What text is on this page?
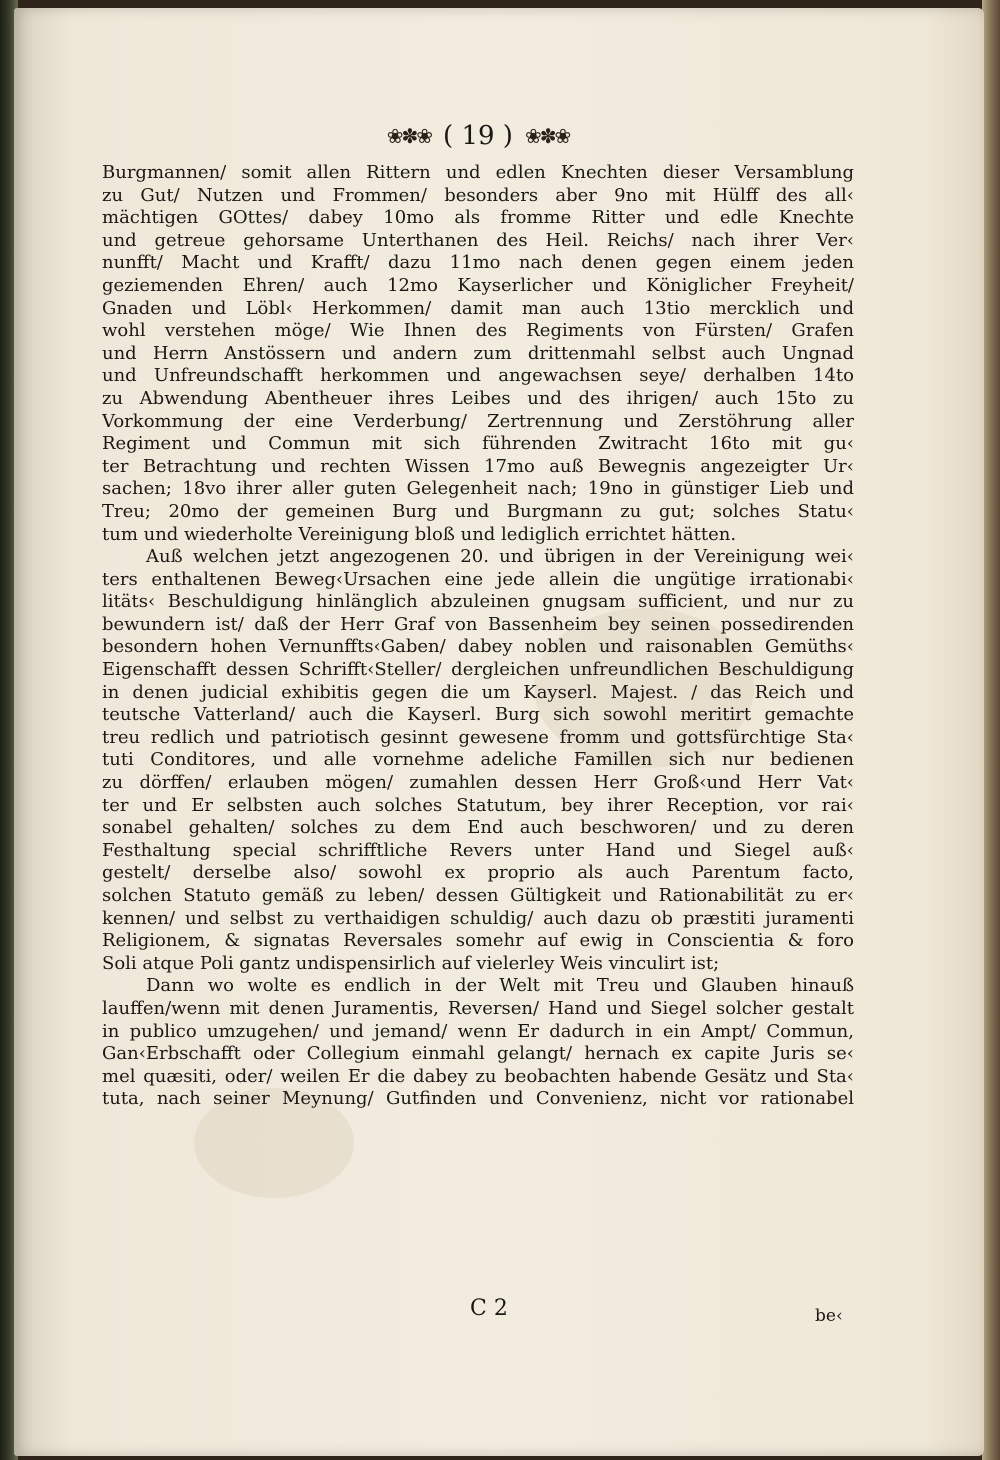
❀✽❀ ( 19 ) ❀✽❀
Burgmannen/ somit allen Rittern und edlen Knechten dieser Versamblung
zu Gut/ Nutzen und Frommen/ besonders aber 9no mit Hülff des all‹
mächtigen GOttes/ dabey 10mo als fromme Ritter und edle Knechte
und getreue gehorsame Unterthanen des Heil. Reichs/ nach ihrer Ver‹
nunfft/ Macht und Krafft/ dazu 11mo nach denen gegen einem jeden
geziemenden Ehren/ auch 12mo Kayserlicher und Königlicher Freyheit/
Gnaden und Löbl‹ Herkommen/ damit man auch 13tio mercklich und
wohl verstehen möge/ Wie Ihnen des Regiments von Fürsten/ Grafen
und Herrn Anstössern und andern zum drittenmahl selbst auch Ungnad
und Unfreundschafft herkommen und angewachsen seye/ derhalben 14to
zu Abwendung Abentheuer ihres Leibes und des ihrigen/ auch 15to zu
Vorkommung der eine Verderbung/ Zertrennung und Zerstöhrung aller
Regiment und Commun mit sich führenden Zwitracht 16to mit gu‹
ter Betrachtung und rechten Wissen 17mo auß Bewegnis angezeigter Ur‹
sachen; 18vo ihrer aller guten Gelegenheit nach; 19no in günstiger Lieb und
Treu; 20mo der gemeinen Burg und Burgmann zu gut; solches Statu‹
tum und wiederholte Vereinigung bloß und lediglich errichtet hätten.
Auß welchen jetzt angezogenen 20. und übrigen in der Vereinigung wei‹
ters enthaltenen Beweg‹Ursachen eine jede allein die ungütige irrationabi‹
litäts‹ Beschuldigung hinlänglich abzuleinen gnugsam sufficient, und nur zu
bewundern ist/ daß der Herr Graf von Bassenheim bey seinen possedirenden
besondern hohen Vernunffts‹Gaben/ dabey noblen und raisonablen Gemüths‹
Eigenschafft dessen Schrifft‹Steller/ dergleichen unfreundlichen Beschuldigung
in denen judicial exhibitis gegen die um Kayserl. Majest. / das Reich und
teutsche Vatterland/ auch die Kayserl. Burg sich sowohl meritirt gemachte
treu redlich und patriotisch gesinnt gewesene fromm und gottsfürchtige Sta‹
tuti Conditores, und alle vornehme adeliche Famillen sich nur bedienen
zu dörffen/ erlauben mögen/ zumahlen dessen Herr Groß‹und Herr Vat‹
ter und Er selbsten auch solches Statutum, bey ihrer Reception, vor rai‹
sonabel gehalten/ solches zu dem End auch beschworen/ und zu deren
Festhaltung special schrifftliche Revers unter Hand und Siegel auß‹
gestelt/ derselbe also/ sowohl ex proprio als auch Parentum facto,
solchen Statuto gemäß zu leben/ dessen Gültigkeit und Rationabilität zu er‹
kennen/ und selbst zu verthaidigen schuldig/ auch dazu ob præstiti juramenti
Religionem, & signatas Reversales somehr auf ewig in Conscientia & foro
Soli atque Poli gantz undispensirlich auf vielerley Weis vinculirt ist;
Dann wo wolte es endlich in der Welt mit Treu und Glauben hinauß
lauffen/wenn mit denen Juramentis, Reversen/ Hand und Siegel solcher gestalt
in publico umzugehen/ und jemand/ wenn Er dadurch in ein Ampt/ Commun,
Gan‹Erbschafft oder Collegium einmahl gelangt/ hernach ex capite Juris se‹
mel quæsiti, oder/ weilen Er die dabey zu beobachten habende Gesätz und Sta‹
tuta, nach seiner Meynung/ Gutfinden und Convenienz, nicht vor rationabel
C 2	be‹
